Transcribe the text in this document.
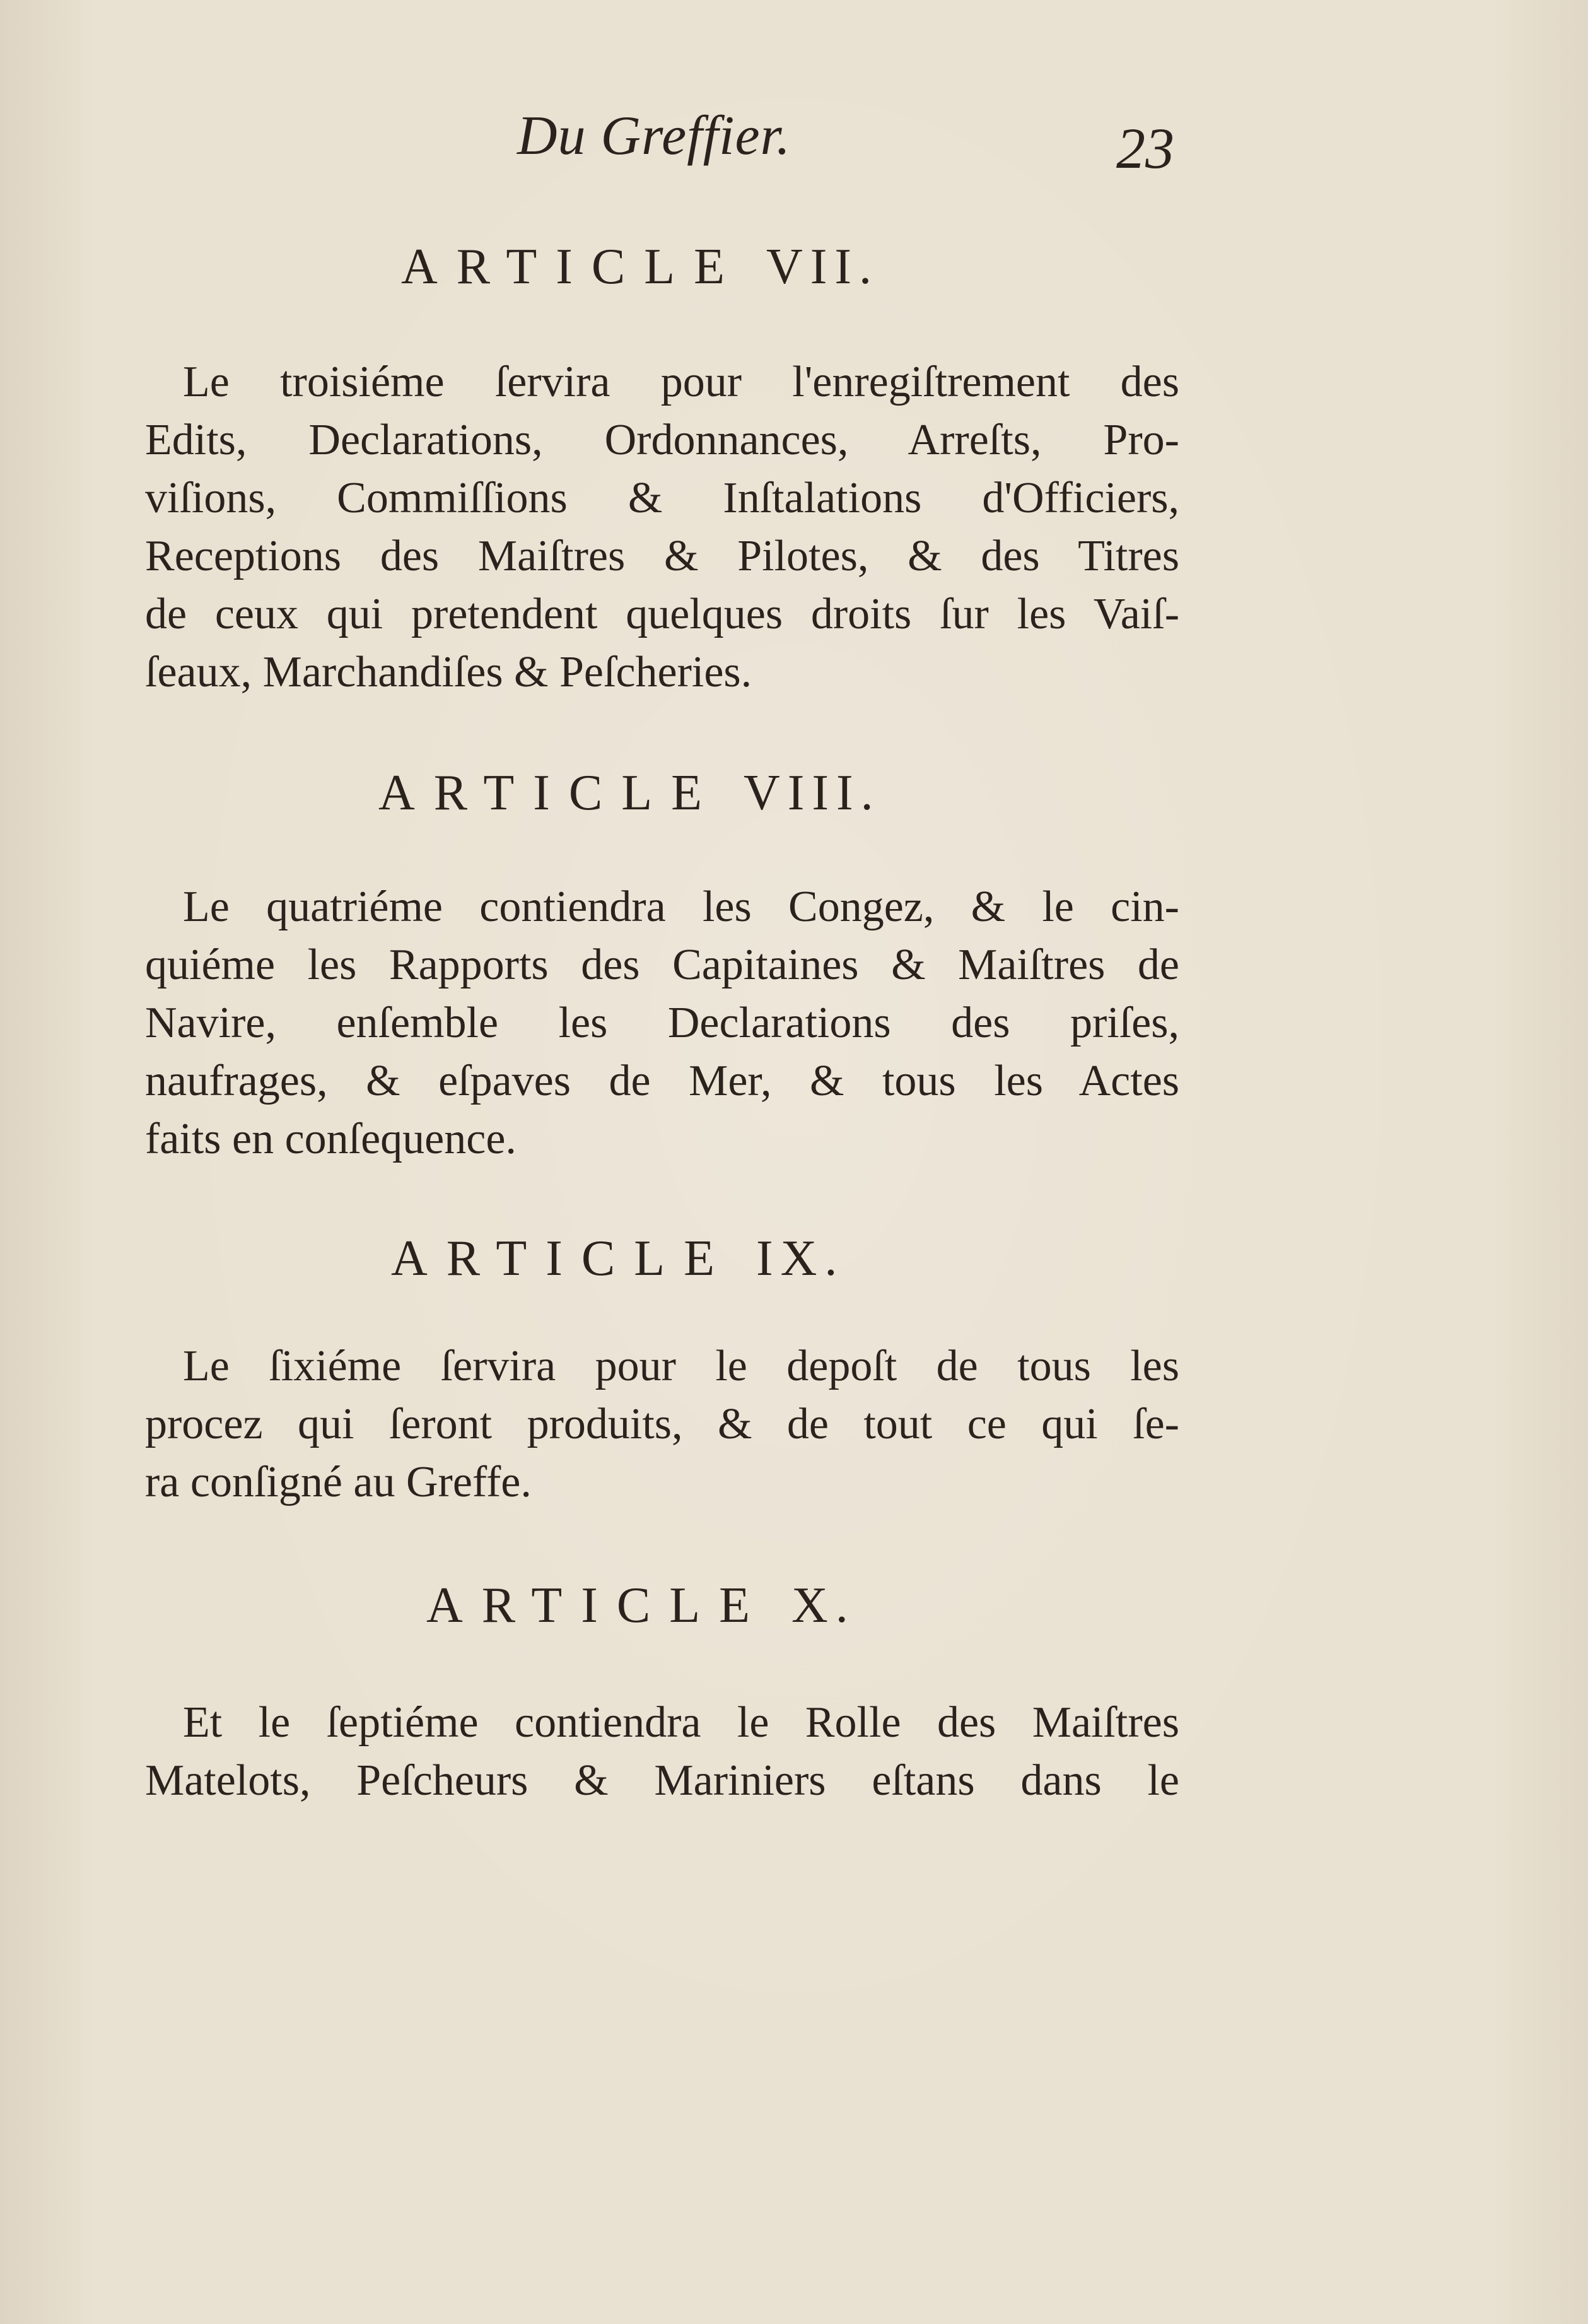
Du Greffier.	23
ARTICLE VII.
Le troisiéme ſervira pour l'enregiſtrement des
Edits, Declarations, Ordonnances, Arreſts, Pro-
viſions, Commiſſions & Inſtalations d'Officiers,
Receptions des Maiſtres & Pilotes, & des Titres
de ceux qui pretendent quelques droits ſur les Vaiſ-
ſeaux, Marchandiſes & Peſcheries.
ARTICLE VIII.
Le quatriéme contiendra les Congez, & le cin-
quiéme les Rapports des Capitaines & Maiſtres de
Navire, enſemble les Declarations des priſes,
naufrages, & eſpaves de Mer, & tous les Actes
faits en conſequence.
ARTICLE IX.
Le ſixiéme ſervira pour le depoſt de tous les
procez qui ſeront produits, & de tout ce qui ſe-
ra conſigné au Greffe.
ARTICLE X.
Et le ſeptiéme contiendra le Rolle des Maiſtres
Matelots, Peſcheurs & Mariniers eſtans dans le
